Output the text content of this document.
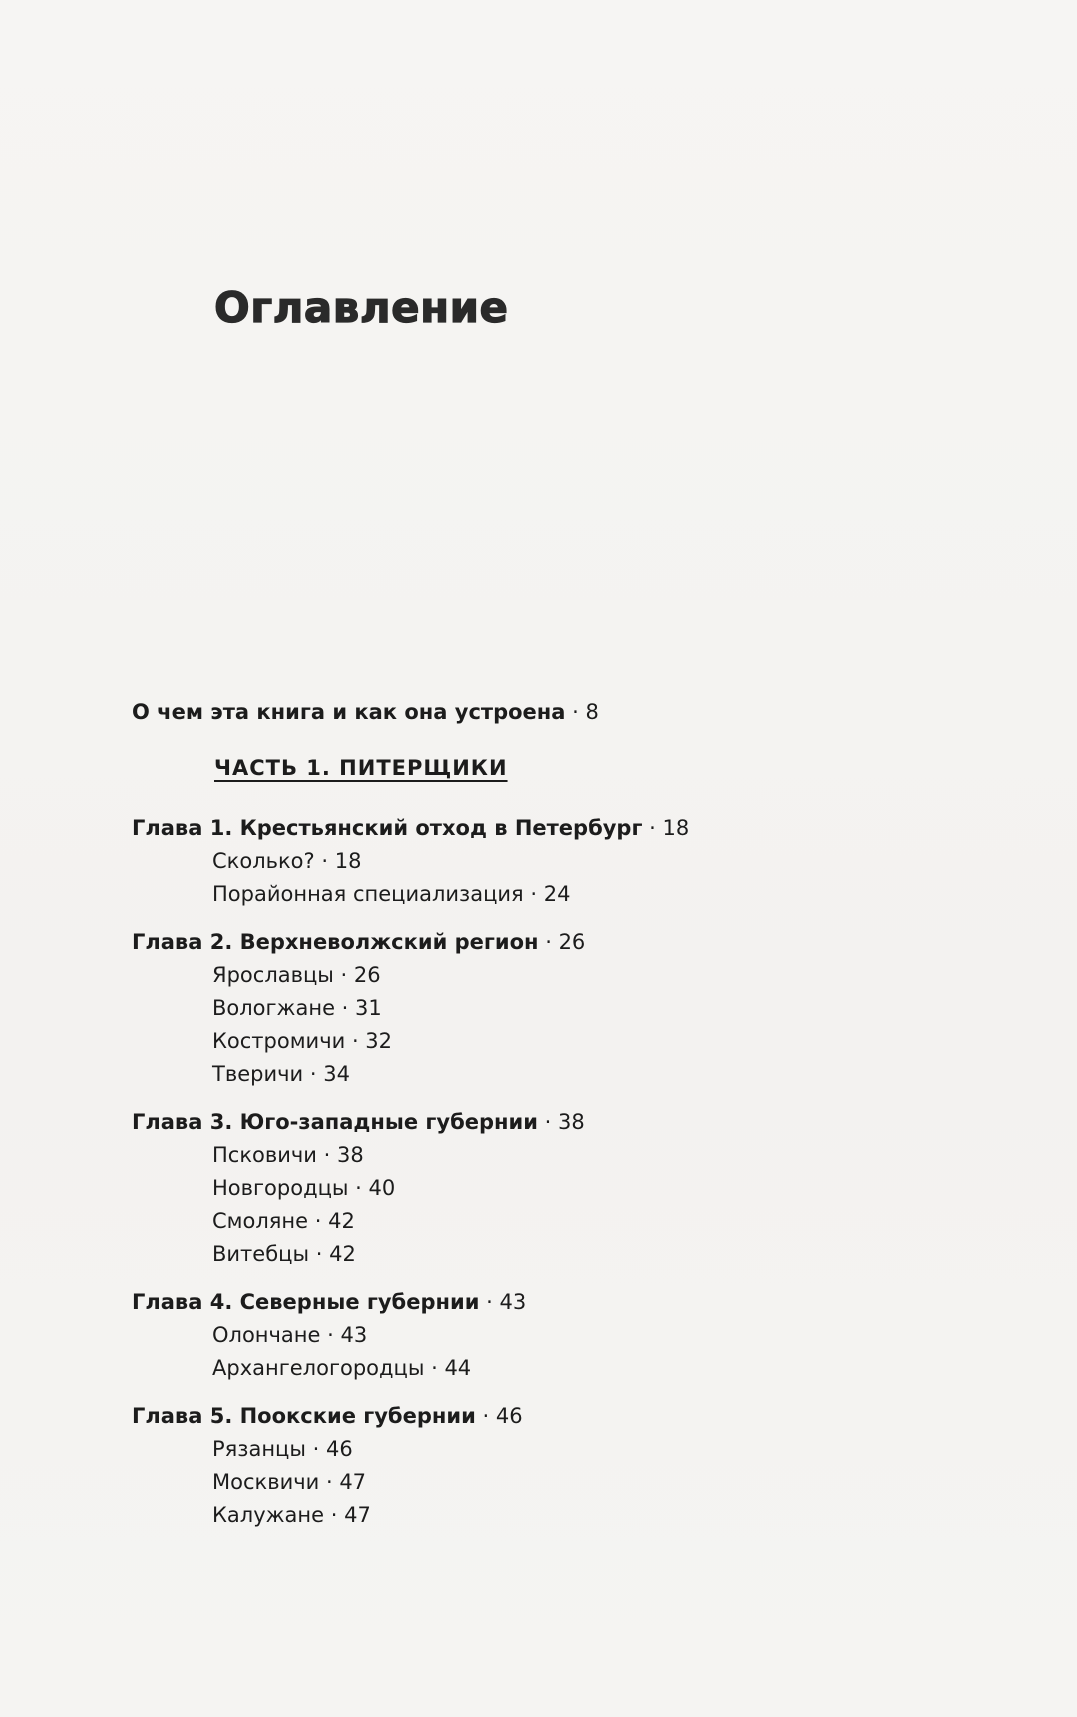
Оглавление
О чем эта книга и как она устроена · 8
ЧАСТЬ 1. ПИТЕРЩИКИ
Глава 1. Крестьянский отход в Петербург · 18
Сколько? · 18
Порайонная специализация · 24
Глава 2. Верхневолжский регион · 26
Ярославцы · 26
Вологжане · 31
Костромичи · 32
Тверичи · 34
Глава 3. Юго-западные губернии · 38
Псковичи · 38
Новгородцы · 40
Смоляне · 42
Витебцы · 42
Глава 4. Северные губернии · 43
Олончане · 43
Архангелогородцы · 44
Глава 5. Поокские губернии · 46
Рязанцы · 46
Москвичи · 47
Калужане · 47
